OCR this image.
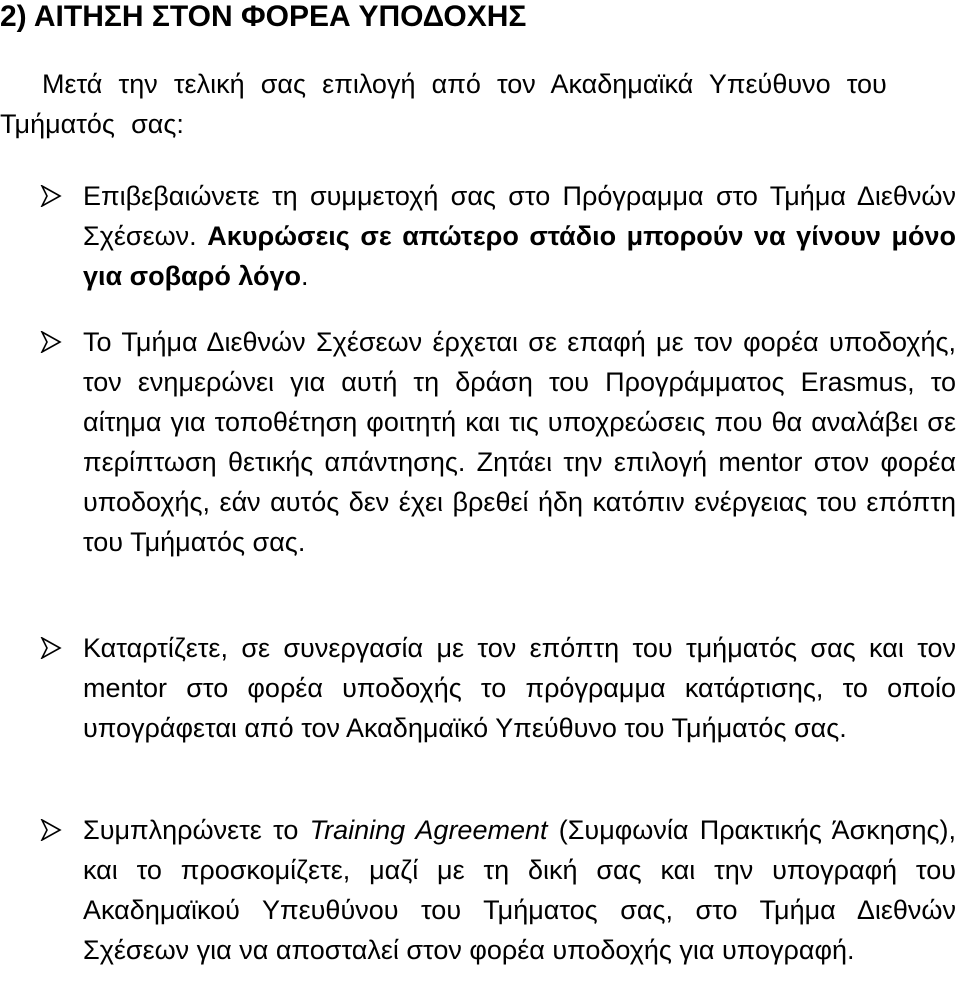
2) ΑΙΤΗΣΗ ΣΤΟΝ ΦΟΡΕΑ ΥΠΟΔΟΧΗΣ

Μετά την τελική σας επιλογή από τον Ακαδημαϊκά Υπεύθυνο του Τμήματός σας:

Επιβεβαιώνετε τη συμμετοχή σας στο Πρόγραμμα στο Τμήμα Διεθνών Σχέσεων. Ακυρώσεις σε απώτερο στάδιο μπορούν να γίνουν μόνο για σοβαρό λόγο.

Το Τμήμα Διεθνών Σχέσεων έρχεται σε επαφή με τον φορέα υποδοχής, τον ενημερώνει για αυτή τη δράση του Προγράμματος Erasmus, το αίτημα για τοποθέτηση φοιτητή και τις υποχρεώσεις που θα αναλάβει σε περίπτωση θετικής απάντησης. Ζητάει την επιλογή mentor στον φορέα υποδοχής, εάν αυτός δεν έχει βρεθεί ήδη κατόπιν ενέργειας του επόπτη του Τμήματός σας.

Καταρτίζετε, σε συνεργασία με τον επόπτη του τμήματός σας και τον mentor στο φορέα υποδοχής το πρόγραμμα κατάρτισης, το οποίο υπογράφεται από τον Ακαδημαϊκό Υπεύθυνο του Τμήματός σας.

Συμπληρώνετε το Training Agreement (Συμφωνία Πρακτικής Άσκησης), και το προσκομίζετε, μαζί με τη δική σας και την υπογραφή του Ακαδημαϊκού Υπευθύνου του Τμήματος σας, στο Τμήμα Διεθνών Σχέσεων για να αποσταλεί στον φορέα υποδοχής για υπογραφή.
